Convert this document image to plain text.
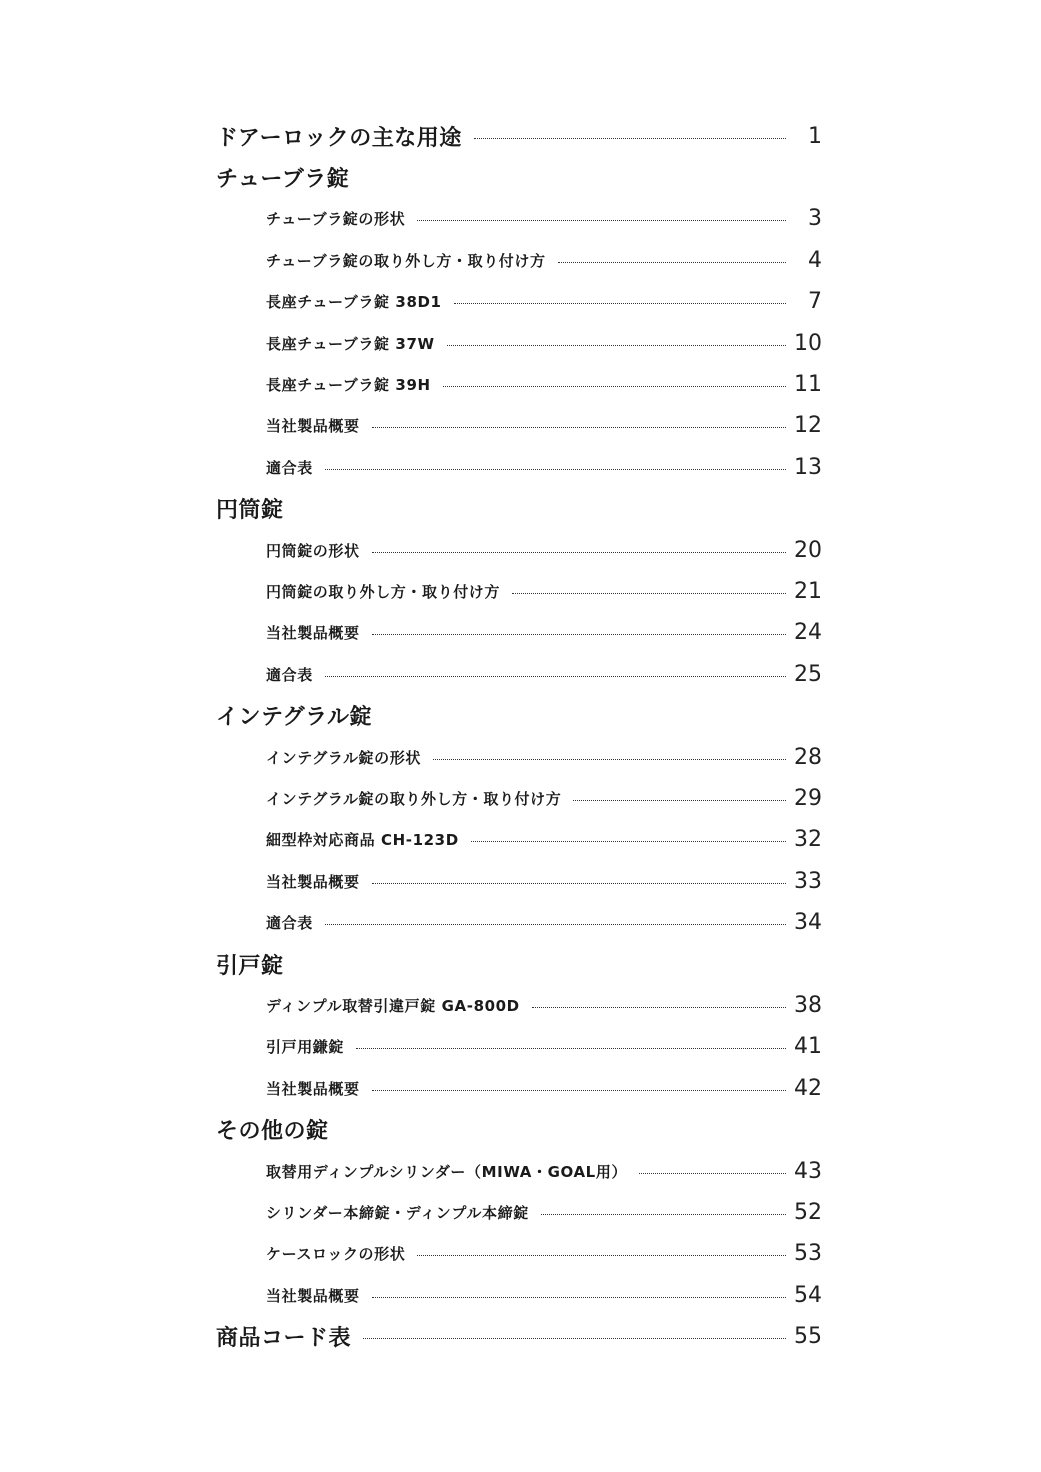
ドアーロックの主な用途	1
チューブラ錠
チューブラ錠の形状	3
チューブラ錠の取り外し方・取り付け方	4
長座チューブラ錠 38D1	7
長座チューブラ錠 37W	10
長座チューブラ錠 39H	11
当社製品概要	12
適合表	13
円筒錠
円筒錠の形状	20
円筒錠の取り外し方・取り付け方	21
当社製品概要	24
適合表	25
インテグラル錠
インテグラル錠の形状	28
インテグラル錠の取り外し方・取り付け方	29
細型枠対応商品 CH-123D	32
当社製品概要	33
適合表	34
引戸錠
ディンプル取替引違戸錠 GA-800D	38
引戸用鎌錠	41
当社製品概要	42
その他の錠
取替用ディンプルシリンダー（MIWA・GOAL用）	43
シリンダー本締錠・ディンプル本締錠	52
ケースロックの形状	53
当社製品概要	54
商品コード表	55
